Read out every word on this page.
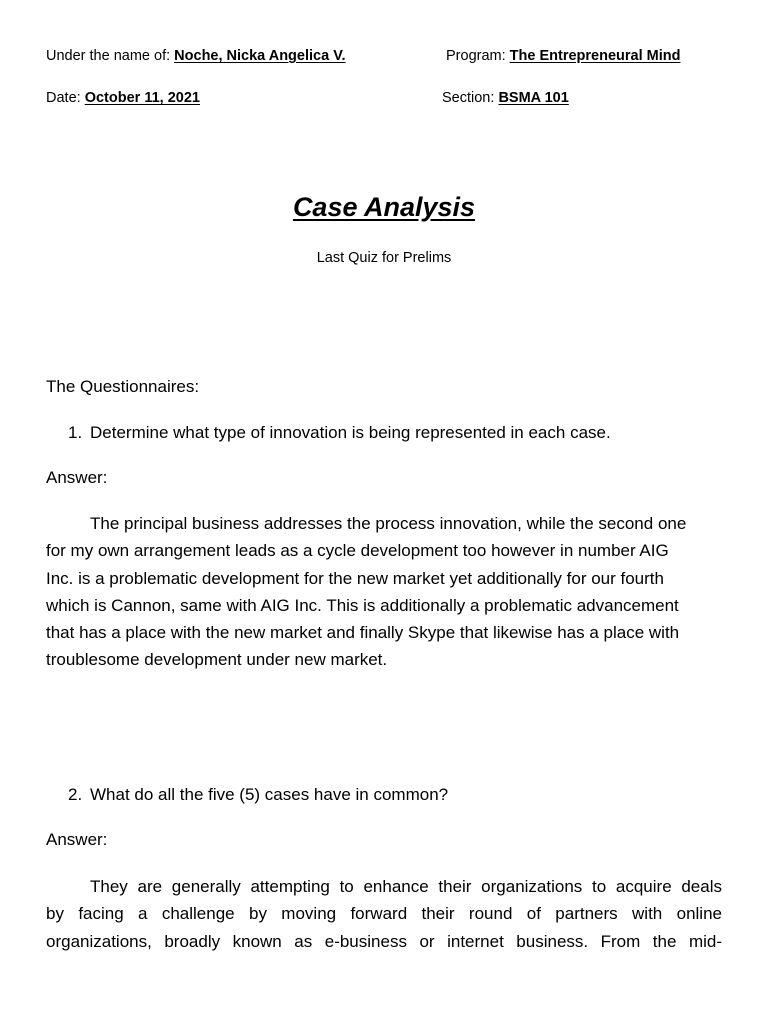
Under the name of: Noche, Nicka Angelica V.	Program: The Entrepreneural Mind
Date: October 11, 2021	Section: BSMA 101
Case Analysis
Last Quiz for Prelims
The Questionnaires:
1. Determine what type of innovation is being represented in each case.
Answer:
The principal business addresses the process innovation, while the second one
for my own arrangement leads as a cycle development too however in number AIG
Inc. is a problematic development for the new market yet additionally for our fourth
which is Cannon, same with AIG Inc. This is additionally a problematic advancement
that has a place with the new market and finally Skype that likewise has a place with
troublesome development under new market.
2. What do all the five (5) cases have in common?
Answer:
They are generally attempting to enhance their organizations to acquire deals
by facing a challenge by moving forward their round of partners with online
organizations, broadly known as e-business or internet business. From the mid-
